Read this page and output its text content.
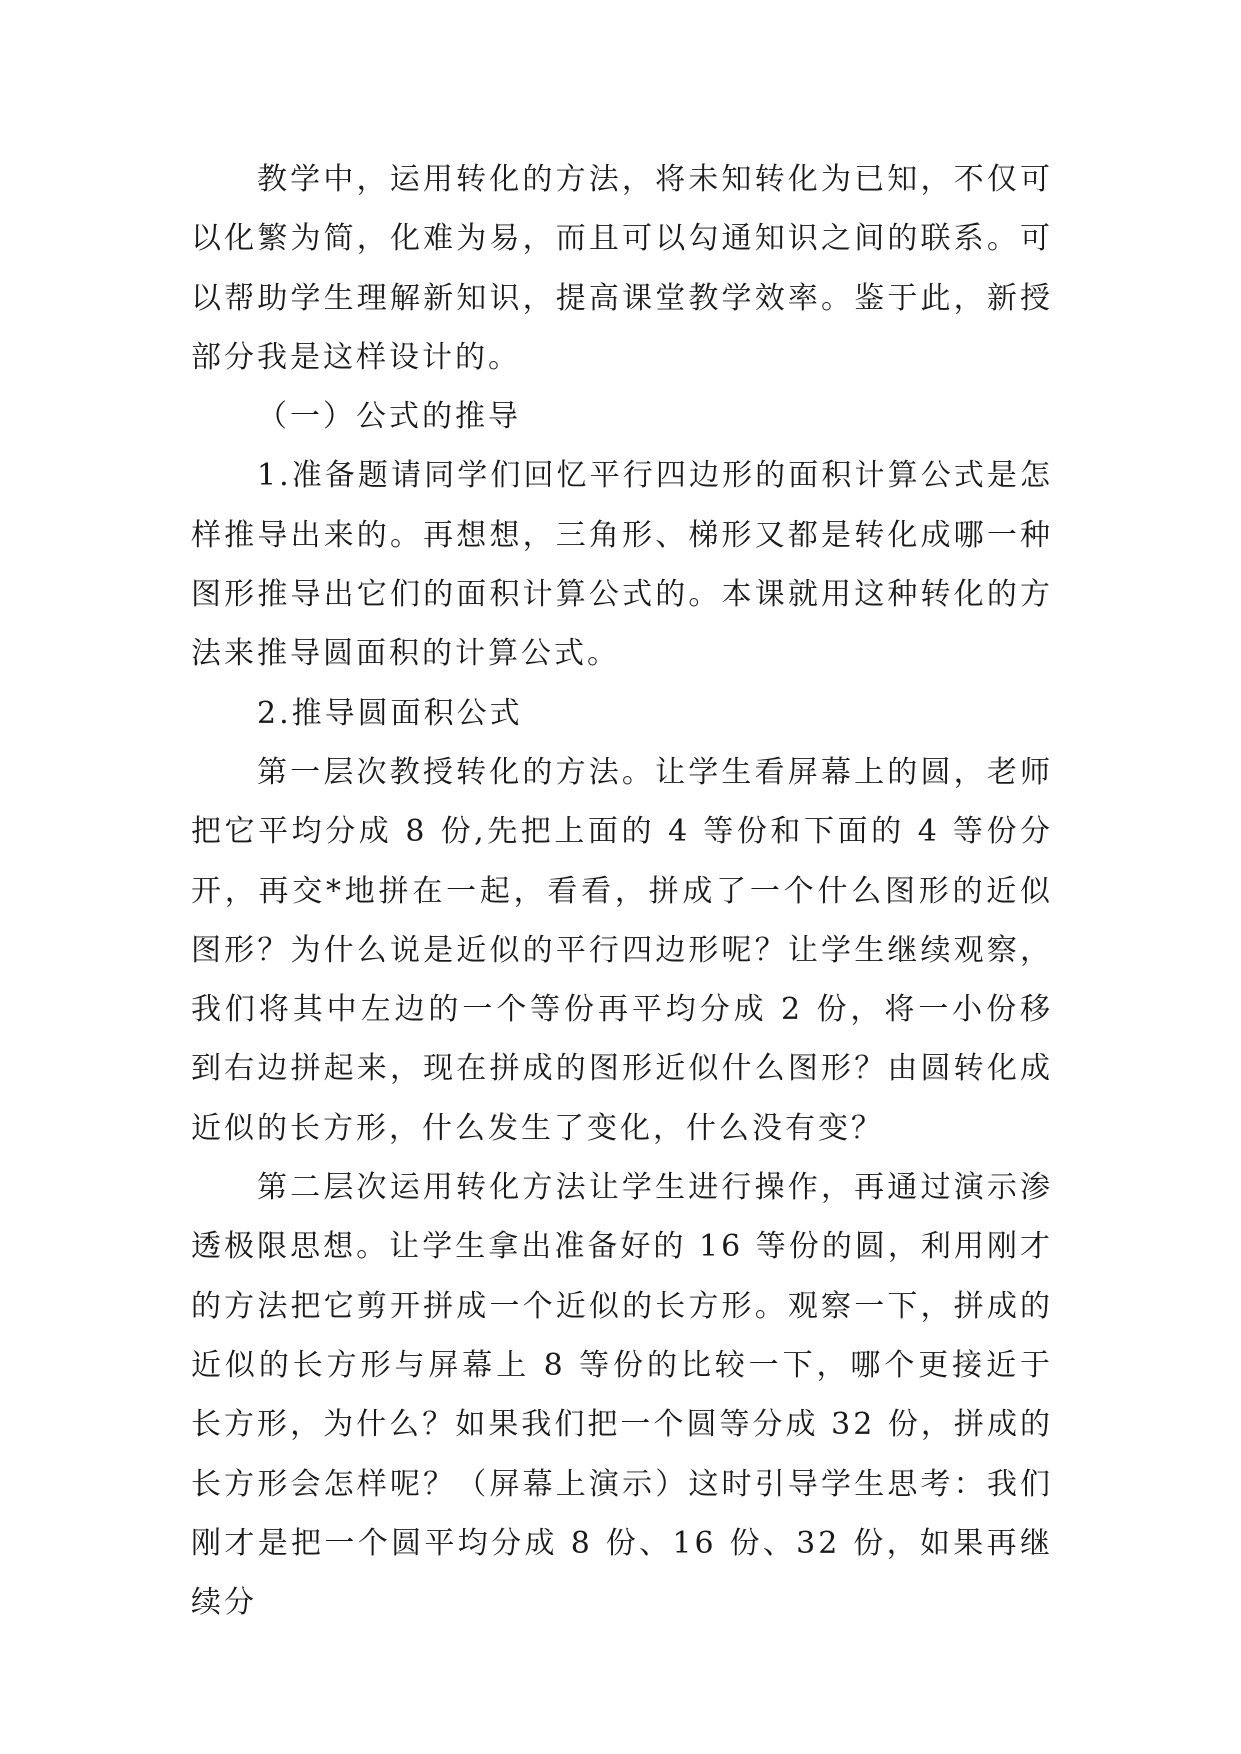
教学中，运用转化的方法，将未知转化为已知，不仅可以化繁为简，化难为易，而且可以勾通知识之间的联系。可以帮助学生理解新知识，提高课堂教学效率。鉴于此，新授部分我是这样设计的。

（一）公式的推导

1.准备题请同学们回忆平行四边形的面积计算公式是怎样推导出来的。再想想，三角形、梯形又都是转化成哪一种图形推导出它们的面积计算公式的。本课就用这种转化的方法来推导圆面积的计算公式。

2.推导圆面积公式

第一层次教授转化的方法。让学生看屏幕上的圆，老师把它平均分成 8 份,先把上面的 4 等份和下面的 4 等份分开，再交*地拼在一起，看看，拼成了一个什么图形的近似图形？为什么说是近似的平行四边形呢？让学生继续观察，我们将其中左边的一个等份再平均分成 2 份，将一小份移到右边拼起来，现在拼成的图形近似什么图形？由圆转化成近似的长方形，什么发生了变化，什么没有变？

第二层次运用转化方法让学生进行操作，再通过演示渗透极限思想。让学生拿出准备好的 16 等份的圆，利用刚才的方法把它剪开拼成一个近似的长方形。观察一下，拼成的近似的长方形与屏幕上 8 等份的比较一下，哪个更接近于长方形，为什么？如果我们把一个圆等分成 32 份，拼成的长方形会怎样呢？（屏幕上演示）这时引导学生思考：我们刚才是把一个圆平均分成 8 份、16 份、32 份，如果再继续分
